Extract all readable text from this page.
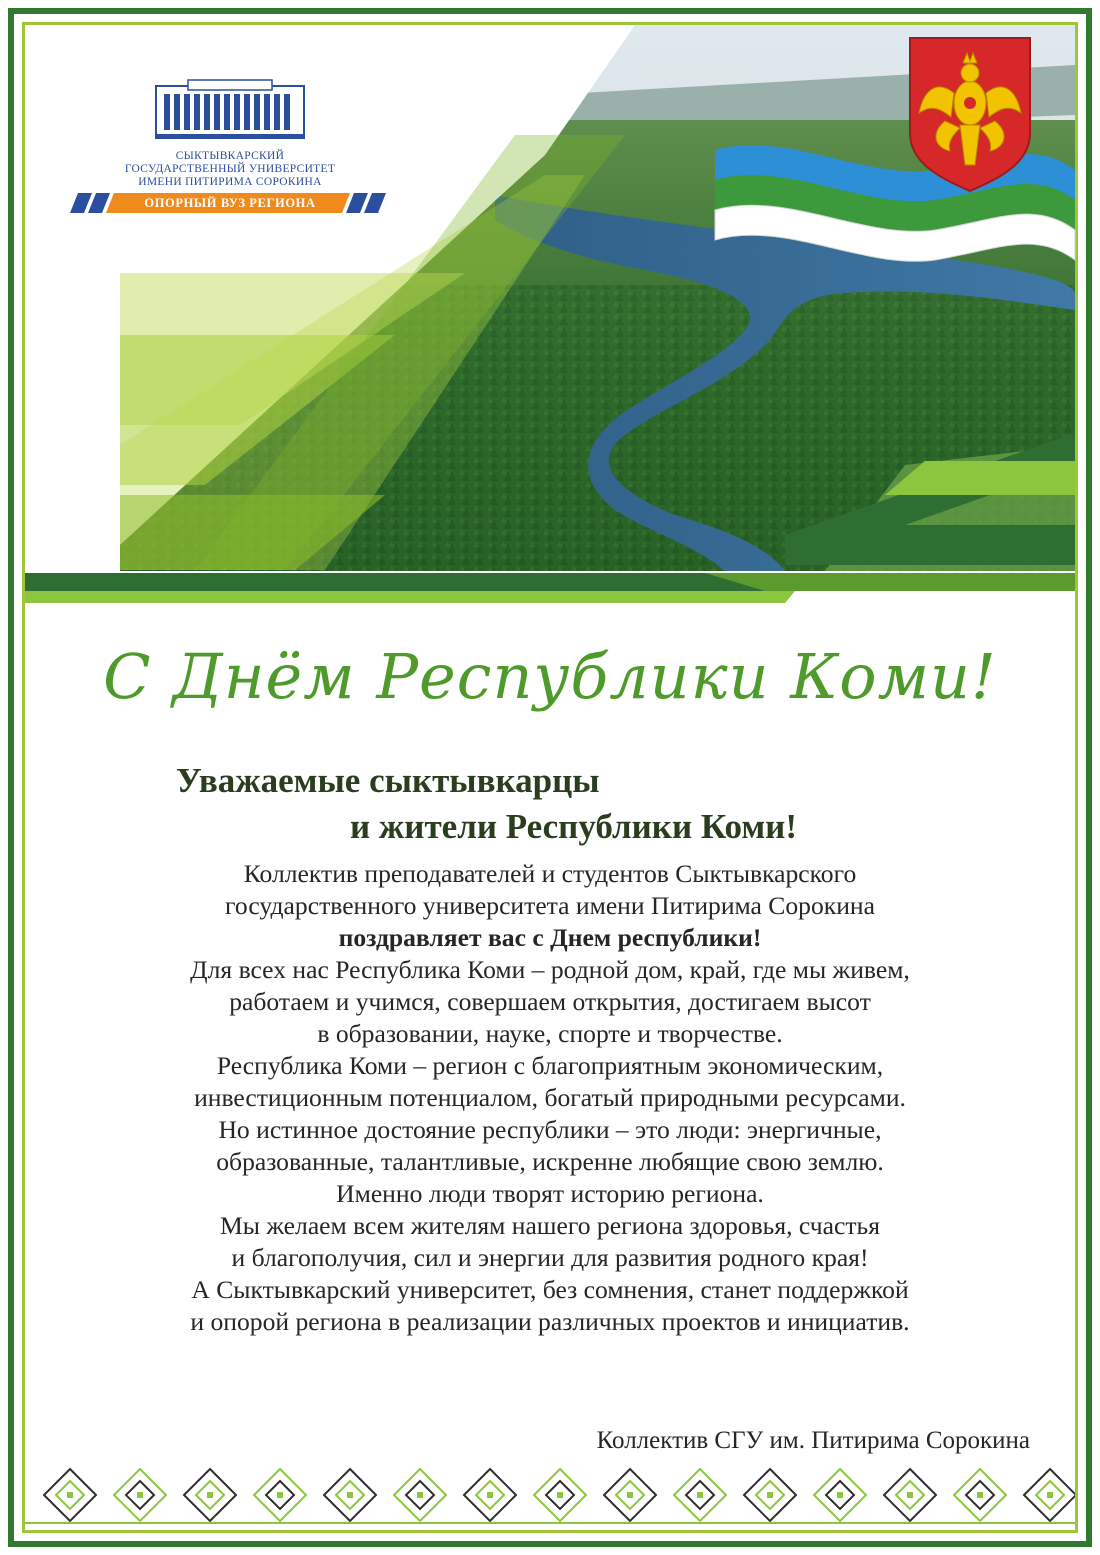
СЫКТЫВКАРСКИЙ
ГОСУДАРСТВЕННЫЙ УНИВЕРСИТЕТ
ИМЕНИ ПИТИРИМА СОРОКИНА
ОПОРНЫЙ ВУЗ РЕГИОНА
С Днём Республики Коми!
Уважаемые сыктывкарцы
и жители Республики Коми!

Коллектив преподавателей и студентов Сыктывкарского

государственного университета имени Питирима Сорокина

поздравляет вас с Днем республики!

Для всех нас Республика Коми – родной дом, край, где мы живем,

работаем и учимся, совершаем открытия, достигаем высот

в образовании, науке, спорте и творчестве.

Республика Коми – регион с благоприятным экономическим,

инвестиционным потенциалом, богатый природными ресурсами.

Но истинное достояние республики – это люди: энергичные,

образованные, талантливые, искренне любящие свою землю.

Именно люди творят историю региона.

Мы желаем всем жителям нашего региона здоровья, счастья

и благополучия, сил и энергии для развития родного края!

А Сыктывкарский университет, без сомнения, станет поддержкой

и опорой региона в реализации различных проектов и инициатив.

Коллектив СГУ им. Питирима Сорокина
